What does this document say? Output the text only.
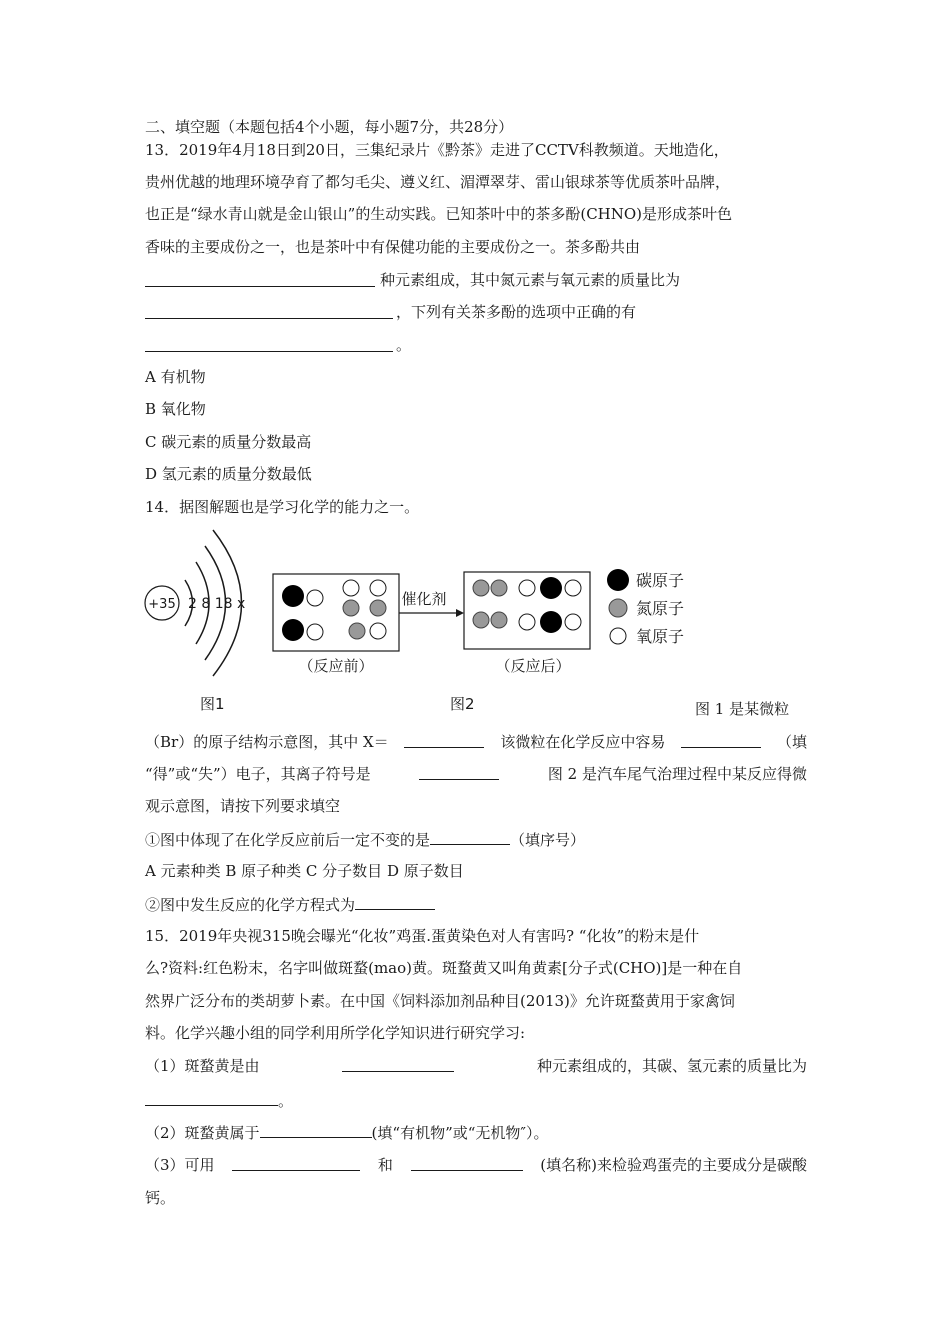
二、填空题（本题包括4个小题，每小题7分，共28分）
13．2019年4月18日到20日，三集纪录片《黔茶》走进了CCTV科教频道。天地造化，
贵州优越的地理环境孕育了都匀毛尖、遵义红、湄潭翠芽、雷山银球茶等优质茶叶品牌，
也正是“绿水青山就是金山银山”的生动实践。已知茶叶中的茶多酚(CHNO)是形成茶叶色
香味的主要成份之一，也是茶叶中有保健功能的主要成份之一。茶多酚共由
种元素组成，其中氮元素与氧元素的质量比为
，下列有关茶多酚的选项中正确的有
。
A 有机物
B 氧化物
C 碳元素的质量分数最高
D 氢元素的质量分数最低
14．据图解题也是学习化学的能力之一。
+35 2 8 18 x
图1
（反应前）
催化剂
（反应后）
图2
碳原子
氮原子
氧原子
图 1 是某微粒
（Br）的原子结构示意图，其中 X＝	该微粒在化学反应中容易	（填
“得”或“失”）电子，其离子符号是	图 2 是汽车尾气治理过程中某反应得微
观示意图，请按下列要求填空
①图中体现了在化学反应前后一定不变的是	（填序号）
A 元素种类 B 原子种类 C 分子数目 D 原子数目
②图中发生反应的化学方程式为
15．2019年央视315晚会曝光“化妆”鸡蛋.蛋黄染色对人有害吗? “化妆”的粉末是什
么?资料:红色粉末，名字叫做斑蝥(mao)黄。斑蝥黄又叫角黄素[分子式(CHO)]是一种在自
然界广泛分布的类胡萝卜素。在中国《饲料添加剂品种目(2013)》允许斑蝥黄用于家禽饲
料。化学兴趣小组的同学利用所学化学知识进行研究学习:
（1）斑蝥黄是由	种元素组成的，其碳、氢元素的质量比为
。
（2）斑蝥黄属于	(填“有机物”或“无机物″）。
（3）可用	和	(填名称)来检验鸡蛋壳的主要成分是碳酸
钙。
